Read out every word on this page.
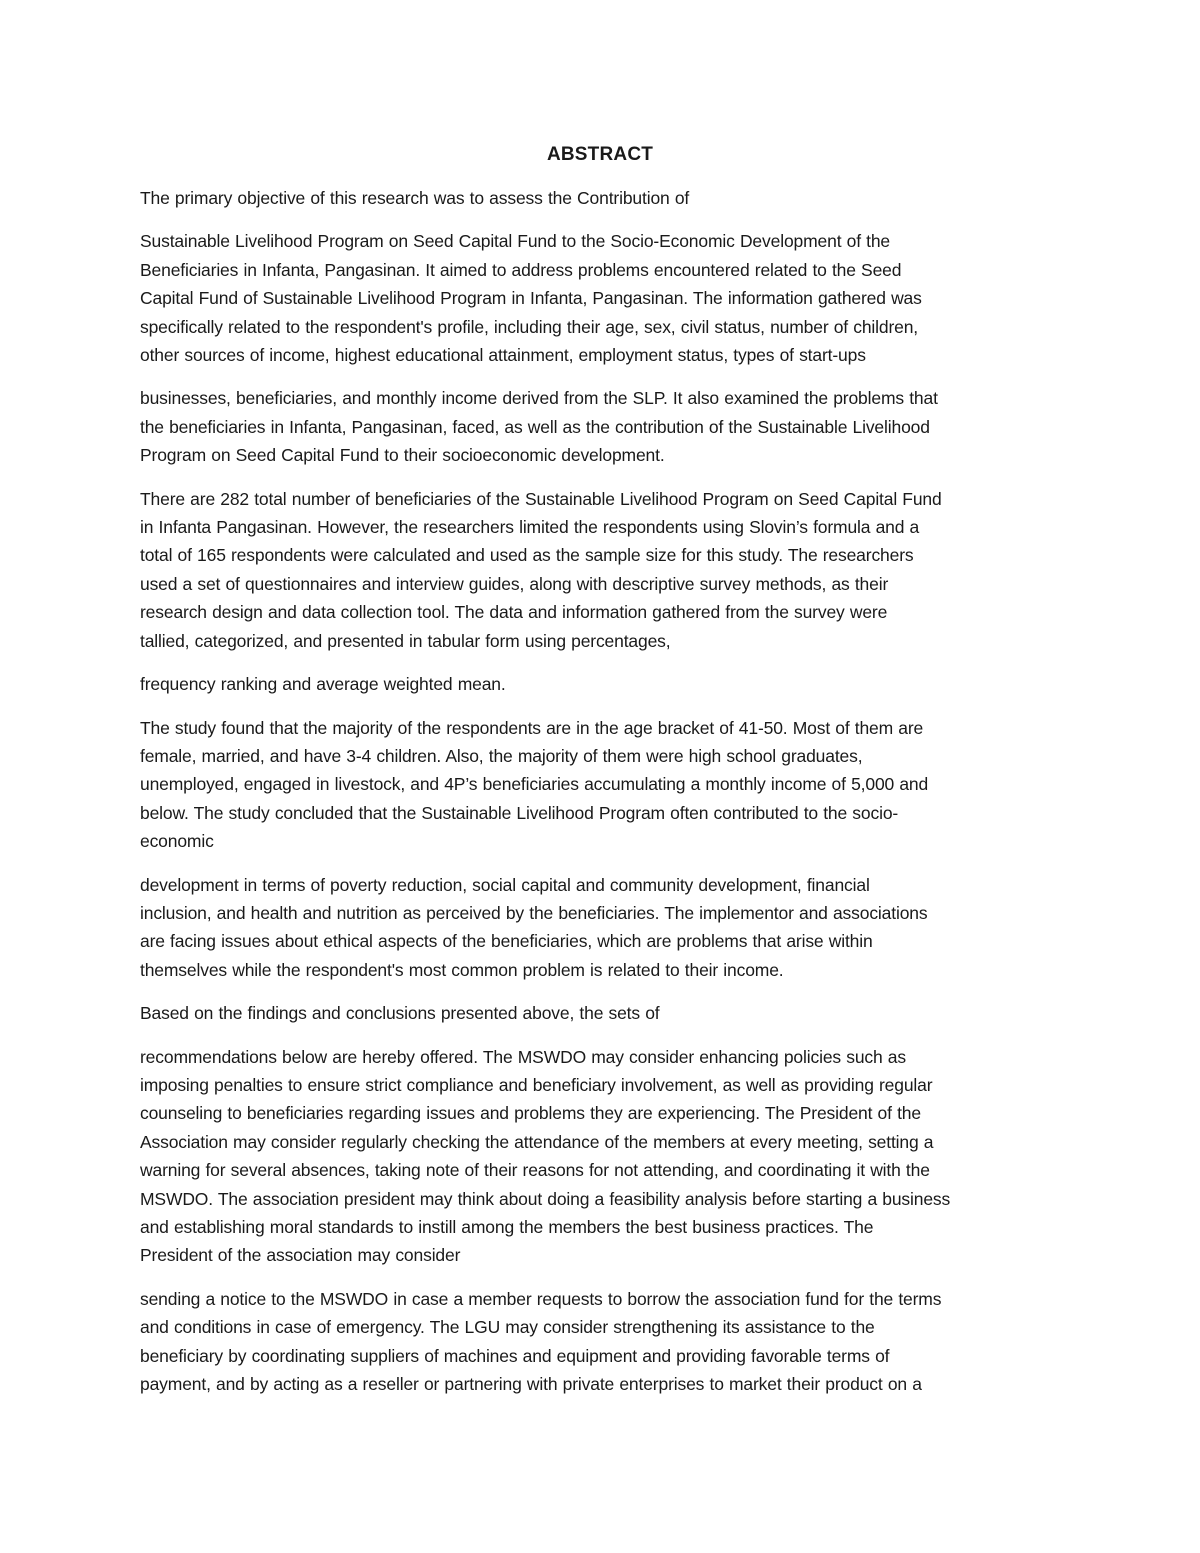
ABSTRACT

The primary objective of this research was to assess the Contribution of

Sustainable Livelihood Program on Seed Capital Fund to the Socio-Economic Development of the
Beneficiaries in Infanta, Pangasinan. It aimed to address problems encountered related to the Seed
Capital Fund of Sustainable Livelihood Program in Infanta, Pangasinan. The information gathered was
specifically related to the respondent's profile, including their age, sex, civil status, number of children,
other sources of income, highest educational attainment, employment status, types of start-ups

businesses, beneficiaries, and monthly income derived from the SLP. It also examined the problems that
the beneficiaries in Infanta, Pangasinan, faced, as well as the contribution of the Sustainable Livelihood
Program on Seed Capital Fund to their socioeconomic development.

There are 282 total number of beneficiaries of the Sustainable Livelihood Program on Seed Capital Fund
in Infanta Pangasinan. However, the researchers limited the respondents using Slovin’s formula and a
total of 165 respondents were calculated and used as the sample size for this study. The researchers
used a set of questionnaires and interview guides, along with descriptive survey methods, as their
research design and data collection tool. The data and information gathered from the survey were
tallied, categorized, and presented in tabular form using percentages,

frequency ranking and average weighted mean.

The study found that the majority of the respondents are in the age bracket of 41-50. Most of them are
female, married, and have 3-4 children. Also, the majority of them were high school graduates,
unemployed, engaged in livestock, and 4P’s beneficiaries accumulating a monthly income of 5,000 and
below. The study concluded that the Sustainable Livelihood Program often contributed to the socio-
economic

development in terms of poverty reduction, social capital and community development, financial
inclusion, and health and nutrition as perceived by the beneficiaries. The implementor and associations
are facing issues about ethical aspects of the beneficiaries, which are problems that arise within
themselves while the respondent's most common problem is related to their income.

Based on the findings and conclusions presented above, the sets of

recommendations below are hereby offered. The MSWDO may consider enhancing policies such as
imposing penalties to ensure strict compliance and beneficiary involvement, as well as providing regular
counseling to beneficiaries regarding issues and problems they are experiencing. The President of the
Association may consider regularly checking the attendance of the members at every meeting, setting a
warning for several absences, taking note of their reasons for not attending, and coordinating it with the
MSWDO. The association president may think about doing a feasibility analysis before starting a business
and establishing moral standards to instill among the members the best business practices. The
President of the association may consider

sending a notice to the MSWDO in case a member requests to borrow the association fund for the terms
and conditions in case of emergency. The LGU may consider strengthening its assistance to the
beneficiary by coordinating suppliers of machines and equipment and providing favorable terms of
payment, and by acting as a reseller or partnering with private enterprises to market their product on a
